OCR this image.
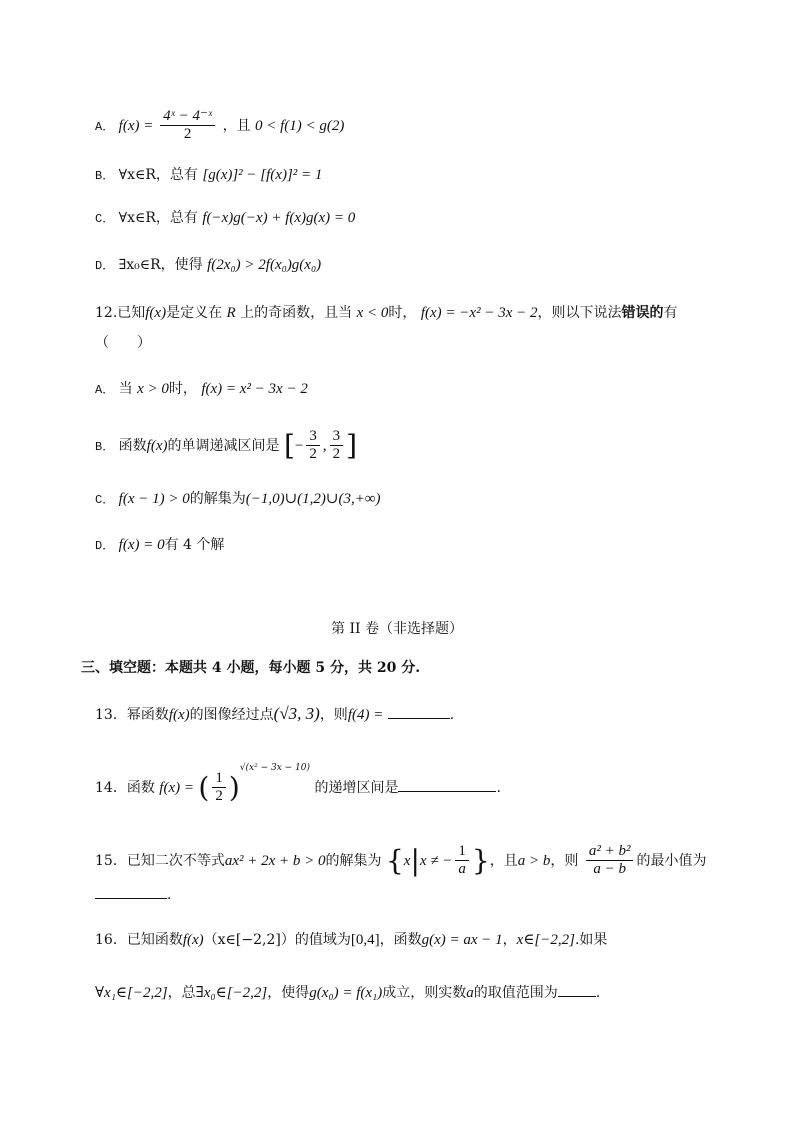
A． $f(x) = \frac{\text{4ˣ − 4⁻ˣ}}{2}$ ，且 0 < f(1) < g(2)
B． ∀x∈R，总有 [g(x)]² − [f(x)]² = 1
C． ∀x∈R，总有 f(−x)g(−x) + f(x)g(x) = 0
D． ∃x₀∈R，使得 f(2x₀) > 2f(x₀)g(x₀)
12.已知f(x)是定义在 R 上的奇函数，且当 x < 0时， f(x) = −x² − 3x − 2，则以下说法错误的有
（　　）
A． 当 x > 0时， f(x) = x² − 3x − 2
B． 函数f(x)的单调递减区间是 [− $\frac{3}{2}$ , $\frac{3}{2}$ ]
C． f(x − 1) > 0的解集为(−1,0)∪(1,2)∪(3,+∞)
D． f(x) = 0有 4 个解
第 II 卷（非选择题）
三、填空题：本题共 4 小题，每小题 5 分，共 20 分.
13．幂函数f(x)的图像经过点(√3, 3)，则f(4) =	.
14．函数 f(x) = ( $\frac{1}{2} )^{√(x^2 - 3x - 10)}$ 的递增区间是	.
15．已知二次不等式ax² + 2x + b > 0的解集为 {x|x ≠ − $\frac{1}{a}$ }，且a > b，则 $\frac{\text{a² + b²}}{a - b}$ 的最小值为
.
16．已知函数f(x)（x∈[−2,2]）的值域为[0,4]，函数g(x) = ax − 1，x∈[−2,2].如果
∀x₁∈[−2,2]，总∃x₀∈[−2,2]，使得g(x₀) = f(x₁)成立，则实数a的取值范围为	.
